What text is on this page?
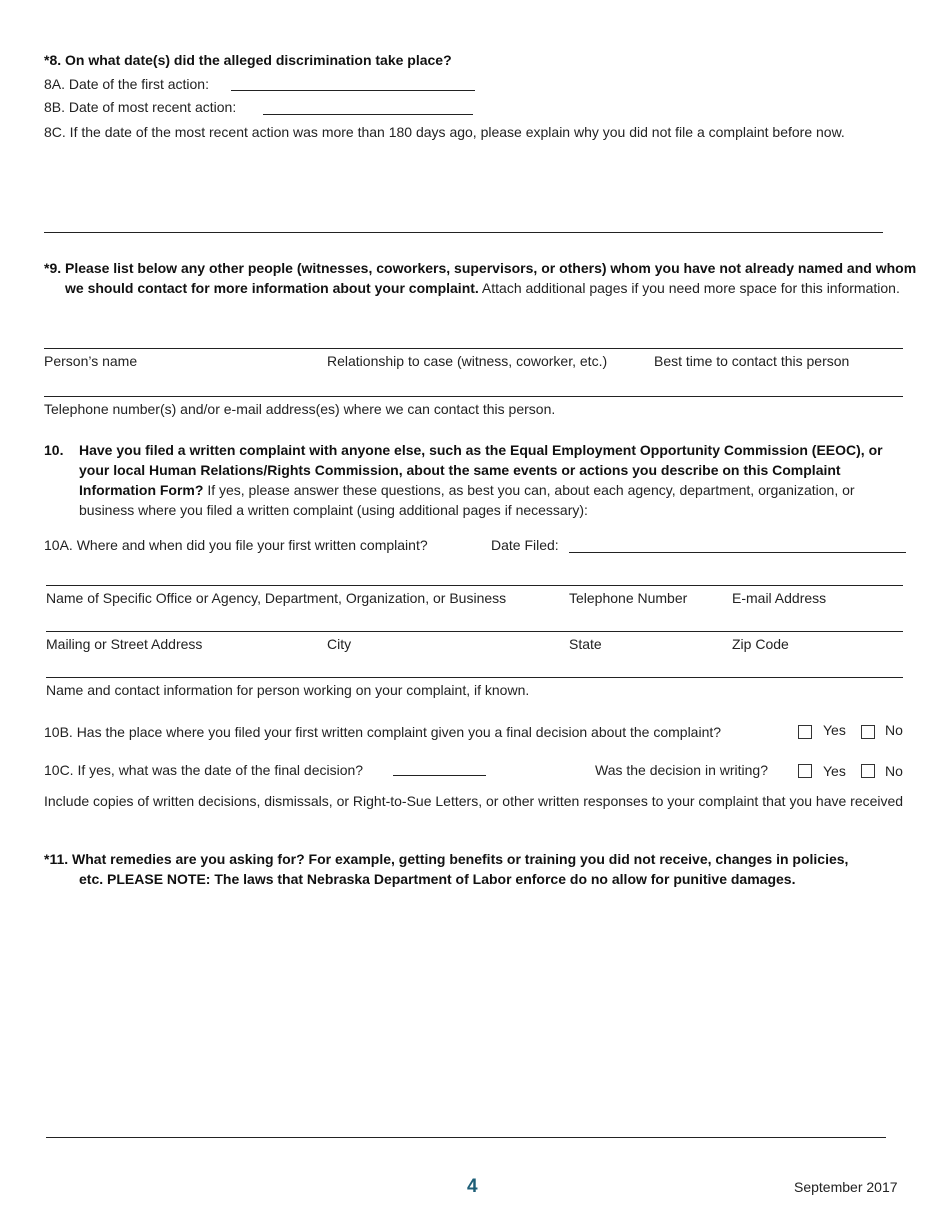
*8. On what date(s) did the alleged discrimination take place?
8A. Date of the first action:
8B. Date of most recent action:
8C. If the date of the most recent action was more than 180 days ago, please explain why you did not file a complaint before now.
*9. Please list below any other people (witnesses, coworkers, supervisors, or others) whom you have not already named and whom we should contact for more information about your complaint. Attach additional pages if you need more space for this information.
Person’s name	Relationship to case (witness, coworker, etc.)	Best time to contact this person
Telephone number(s) and/or e-mail address(es) where we can contact this person.
10. Have you filed a written complaint with anyone else, such as the Equal Employment Opportunity Commission (EEOC), or your local Human Relations/Rights Commission, about the same events or actions you describe on this Complaint Information Form? If yes, please answer these questions, as best you can, about each agency, department, organization, or business where you filed a written complaint (using additional pages if necessary):
10A. Where and when did you file your first written complaint?	Date Filed:
Name of Specific Office or Agency, Department, Organization, or Business	Telephone Number	E-mail Address
Mailing or Street Address	City	State	Zip Code
Name and contact information for person working on your complaint, if known.
10B. Has the place where you filed your first written complaint given you a final decision about the complaint?	Yes	No
10C. If yes, what was the date of the final decision?	Was the decision in writing?	Yes	No
Include copies of written decisions, dismissals, or Right-to-Sue Letters, or other written responses to your complaint that you have received
*11. What remedies are you asking for? For example, getting benefits or training you did not receive, changes in policies,
etc. PLEASE NOTE: The laws that Nebraska Department of Labor enforce do no allow for punitive damages.
4	September 2017
